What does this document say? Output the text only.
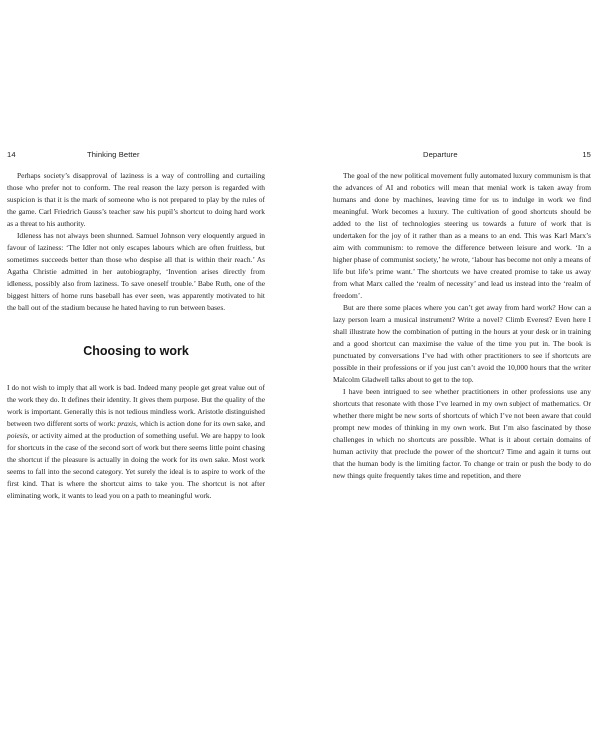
14	Thinking Better

Perhaps society’s disapproval of laziness is a way of controlling and curtailing those who prefer not to conform. The real reason the lazy person is regarded with suspicion is that it is the mark of someone who is not prepared to play by the rules of the game. Carl Friedrich Gauss’s teacher saw his pupil’s shortcut to doing hard work as a threat to his authority.

Idleness has not always been shunned. Samuel Johnson very eloquently argued in favour of laziness: ‘The Idler not only escapes labours which are often fruitless, but sometimes succeeds better than those who despise all that is within their reach.’ As Agatha Christie admitted in her autobiography, ‘Invention arises directly from idleness, possibly also from laziness. To save oneself trouble.’ Babe Ruth, one of the biggest hitters of home runs baseball has ever seen, was apparently motivated to hit the ball out of the stadium because he hated having to run between bases.

Choosing to work

I do not wish to imply that all work is bad. Indeed many people get great value out of the work they do. It defines their identity. It gives them purpose. But the quality of the work is important. Generally this is not tedious mindless work. Aristotle distinguished between two different sorts of work: praxis, which is action done for its own sake, and poiesis, or activity aimed at the production of something useful. We are happy to look for shortcuts in the case of the second sort of work but there seems little point chasing the shortcut if the pleasure is actually in doing the work for its own sake. Most work seems to fall into the second category. Yet surely the ideal is to aspire to work of the first kind. That is where the shortcut aims to take you. The shortcut is not after eliminating work, it wants to lead you on a path to meaningful work.

Departure	15

The goal of the new political movement fully automated luxury communism is that the advances of AI and robotics will mean that menial work is taken away from humans and done by machines, leaving time for us to indulge in work we find meaningful. Work becomes a luxury. The cultivation of good shortcuts should be added to the list of technologies steering us towards a future of work that is undertaken for the joy of it rather than as a means to an end. This was Karl Marx’s aim with communism: to remove the difference between leisure and work. ‘In a higher phase of communist society,’ he wrote, ‘labour has become not only a means of life but life’s prime want.’ The shortcuts we have created promise to take us away from what Marx called the ‘realm of necessity’ and lead us instead into the ‘realm of freedom’.

But are there some places where you can’t get away from hard work? How can a lazy person learn a musical instrument? Write a novel? Climb Everest? Even here I shall illustrate how the combination of putting in the hours at your desk or in training and a good shortcut can maximise the value of the time you put in. The book is punctuated by conversations I’ve had with other practitioners to see if shortcuts are possible in their professions or if you just can’t avoid the 10,000 hours that the writer Malcolm Gladwell talks about to get to the top.

I have been intrigued to see whether practitioners in other professions use any shortcuts that resonate with those I’ve learned in my own subject of mathematics. Or whether there might be new sorts of shortcuts of which I’ve not been aware that could prompt new modes of thinking in my own work. But I’m also fascinated by those challenges in which no shortcuts are possible. What is it about certain domains of human activity that preclude the power of the shortcut? Time and again it turns out that the human body is the limiting factor. To change or train or push the body to do new things quite frequently takes time and repetition, and there
